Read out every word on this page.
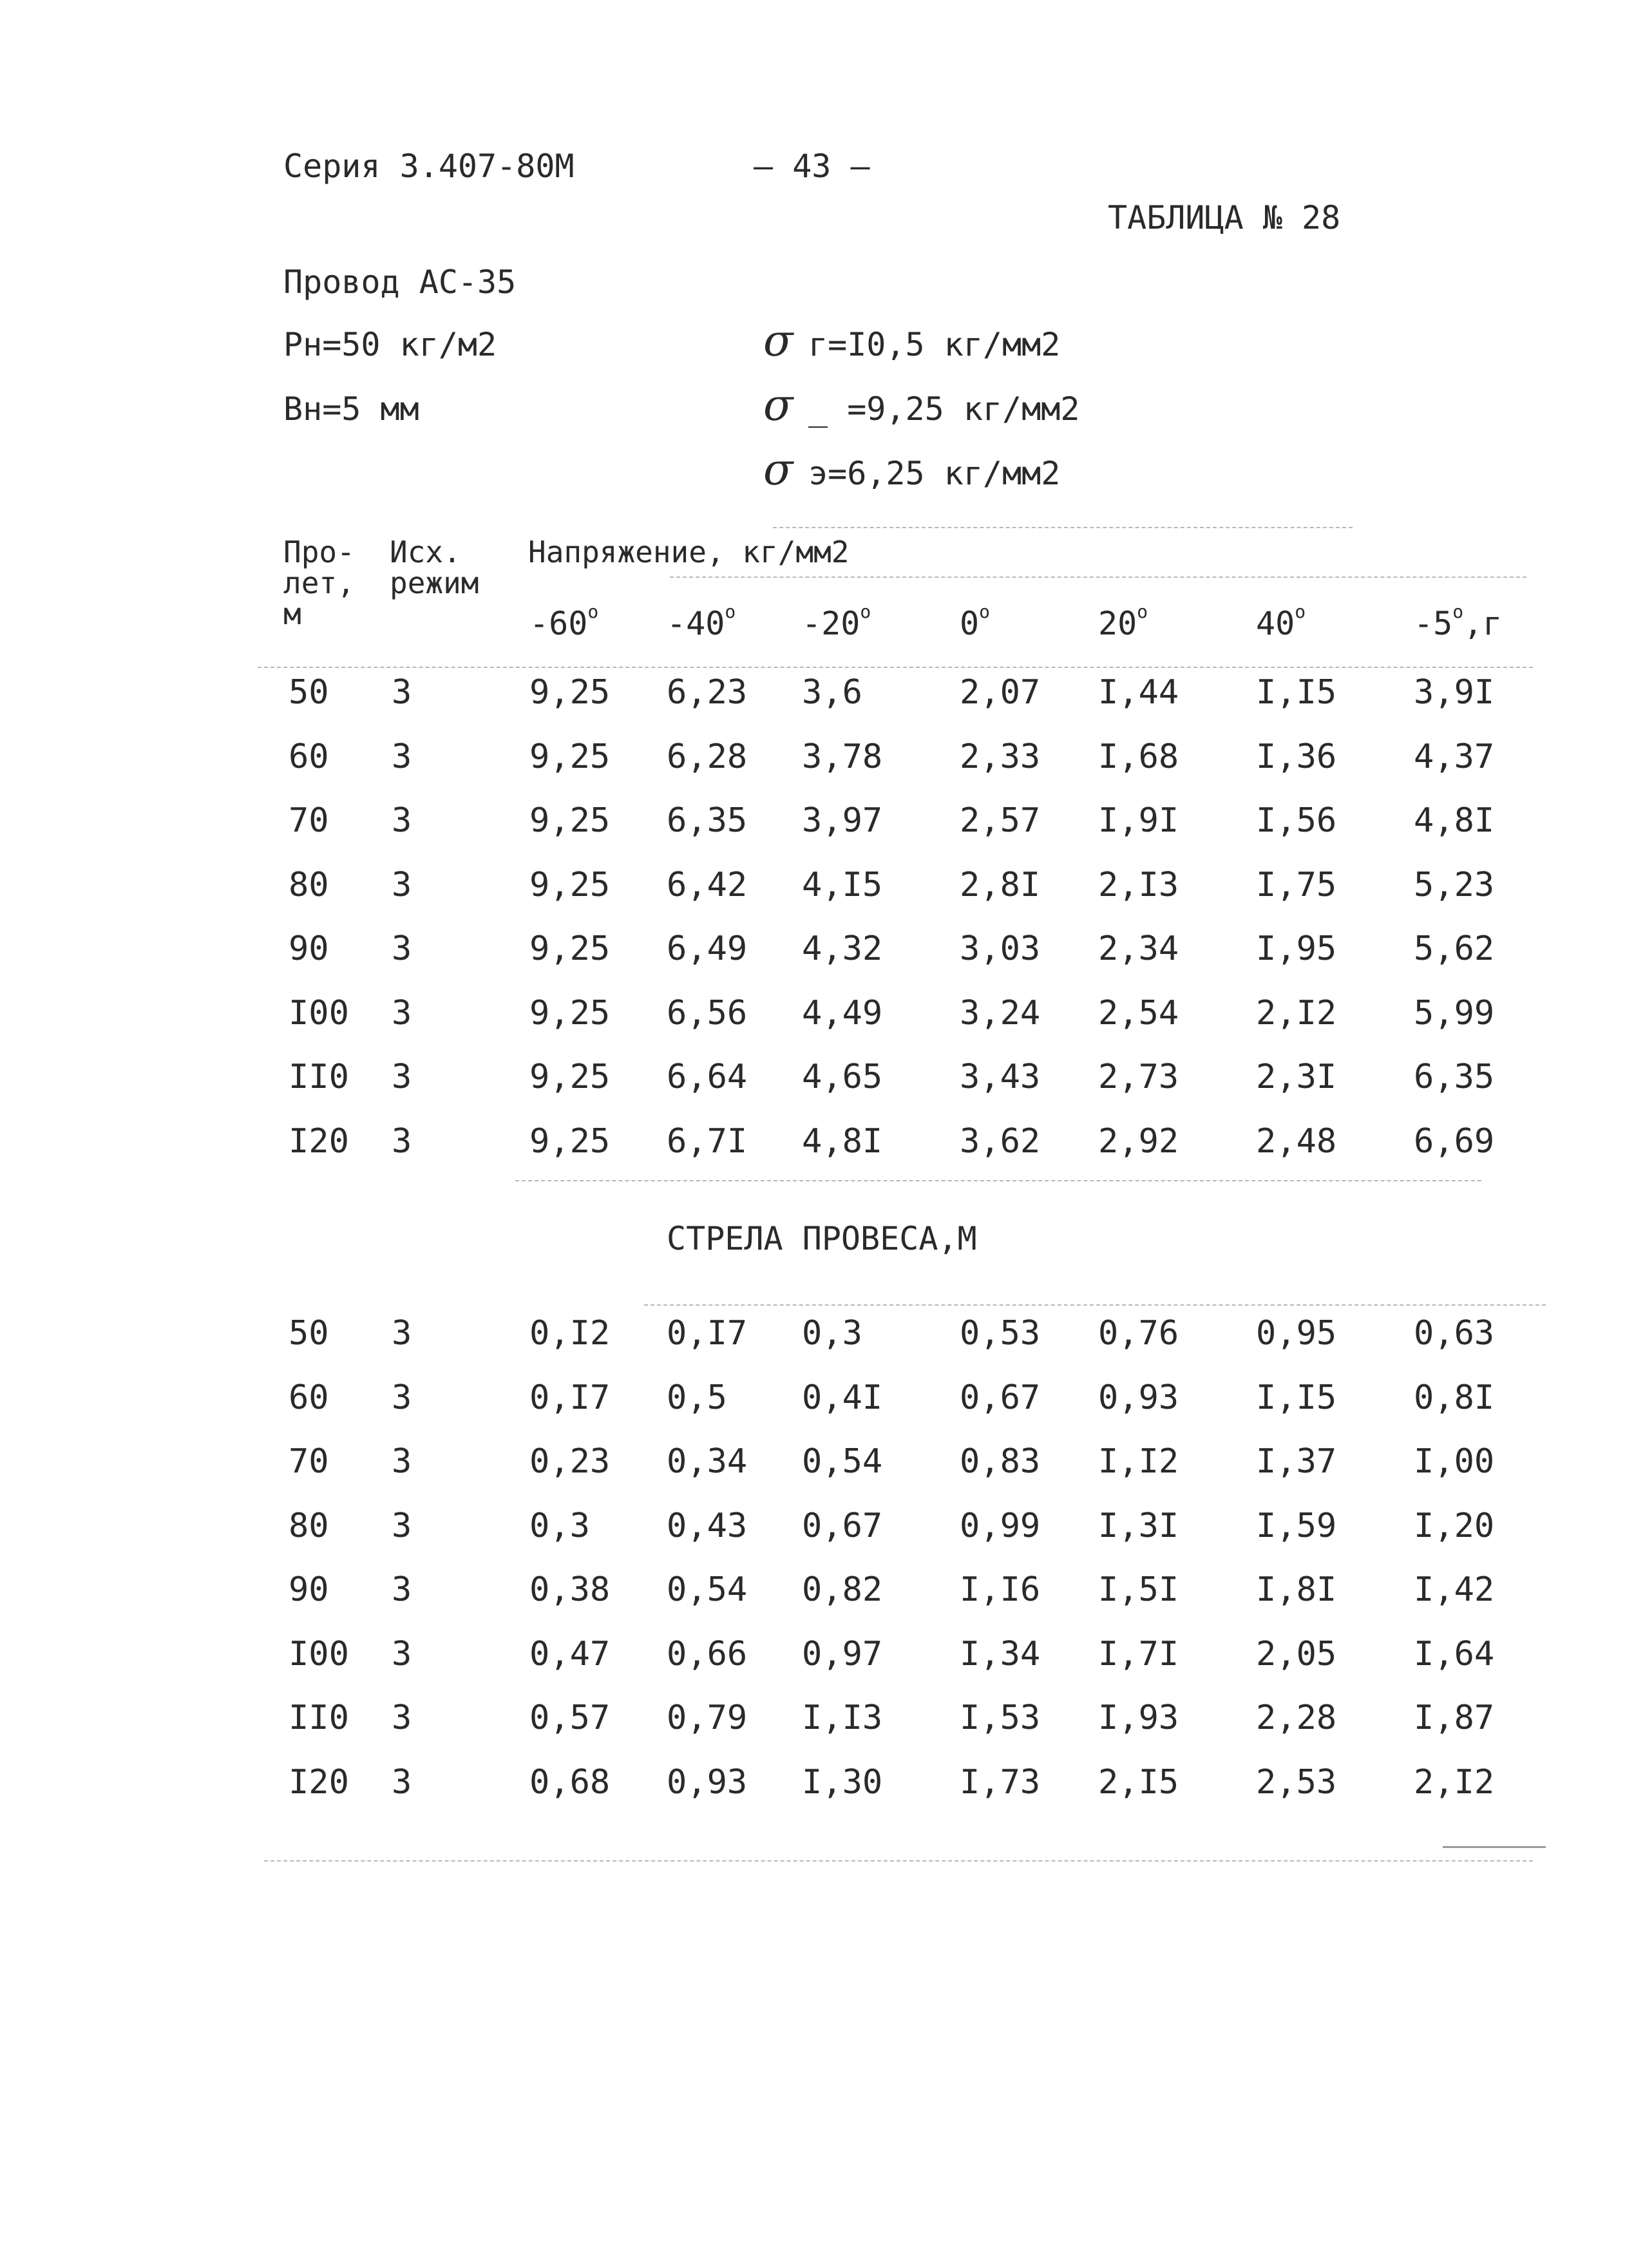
Серия 3.407-80М	– 43 –
ТАБЛИЦА № 28
Провод АС-35
Рн=50 кг/м2
Вн=5 мм
σ г=I0,5 кг/мм2
σ _ =9,25 кг/мм2
σ э=6,25 кг/мм2
Про-
лет,
м
Исх.
режим
Напряжение, кг/мм2
-60$^o$ -40$^o$ -20$^o$	0$^o$	20$^o$	40$^o$	-5$^o$,г
50 3	9,25 6,23 3,6	2,07 I,44 I,I5 3,9I
60 3	9,25 6,28 3,78 2,33 I,68 I,36 4,37
70 3	9,25 6,35 3,97 2,57 I,9I I,56 4,8I
80 3	9,25 6,42 4,I5 2,8I 2,I3 I,75 5,23
90 3	9,25 6,49 4,32 3,03 2,34 I,95 5,62
I00 3	9,25 6,56 4,49 3,24 2,54 2,I2 5,99
II0 3	9,25 6,64 4,65 3,43 2,73 2,3I 6,35
I20 3	9,25 6,7I 4,8I 3,62 2,92 2,48 6,69
СТРЕЛА ПРОВЕСА,М
50 3	0,I2 0,I7 0,3	0,53 0,76 0,95 0,63
60 3	0,I7 0,5 0,4I 0,67 0,93 I,I5 0,8I
70 3	0,23 0,34 0,54 0,83 I,I2 I,37 I,00
80 3	0,3 0,43 0,67 0,99 I,3I I,59 I,20
90 3	0,38 0,54 0,82 I,I6 I,5I I,8I I,42
I00 3	0,47 0,66 0,97 I,34 I,7I 2,05 I,64
II0 3	0,57 0,79 I,I3 I,53 I,93 2,28 I,87
I20 3	0,68 0,93 I,30 I,73 2,I5 2,53 2,I2
